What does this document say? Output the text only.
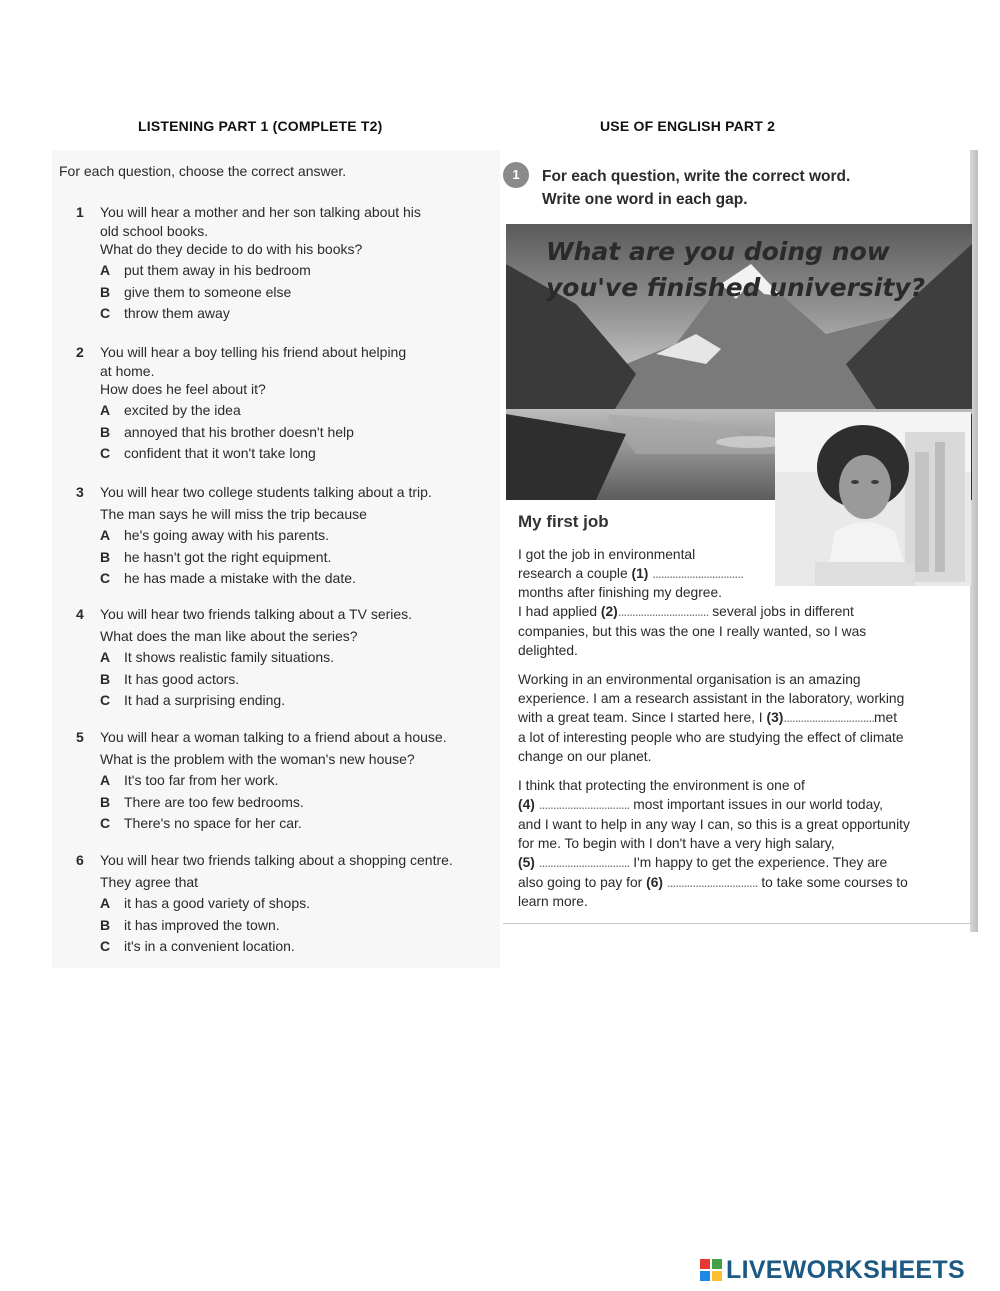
LISTENING PART 1 (COMPLETE T2)	USE OF ENGLISH PART 2
For each question, choose the correct answer.
1 You will hear a mother and her son talking about his
old school books.
What do they decide to do with his books?
A put them away in his bedroom
B give them to someone else
C throw them away
2 You will hear a boy telling his friend about helping
at home.
How does he feel about it?
A excited by the idea
B annoyed that his brother doesn't help
C confident that it won't take long
3 You will hear two college students talking about a trip.
The man says he will miss the trip because
A he's going away with his parents.
B he hasn't got the right equipment.
C he has made a mistake with the date.
4 You will hear two friends talking about a TV series.
What does the man like about the series?
A It shows realistic family situations.
B It has good actors.
C It had a surprising ending.
5 You will hear a woman talking to a friend about a house.
What is the problem with the woman's new house?
A It's too far from her work.
B There are too few bedrooms.
C There's no space for her car.
6 You will hear two friends talking about a shopping centre.
They agree that
A it has a good variety of shops.
B it has improved the town.
C it's in a convenient location.
1	For each question, write the correct word.
Write one word in each gap.
What are you doing now
you've finished university?
My first job
I got the job in environmental
research a couple (1) ................................
months after finishing my degree.
I had applied (2)................................ several jobs in different
companies, but this was the one I really wanted, so I was
delighted.
Working in an environmental organisation is an amazing
experience. I am a research assistant in the laboratory, working
with a great team. Since I started here, I (3)................................met
a lot of interesting people who are studying the effect of climate
change on our planet.
I think that protecting the environment is one of
(4) ................................ most important issues in our world today,
and I want to help in any way I can, so this is a great opportunity
for me. To begin with I don't have a very high salary,
(5) ................................ I'm happy to get the experience. They are
also going to pay for (6) ................................ to take some courses to
learn more.
LIVEWORKSHEETS
